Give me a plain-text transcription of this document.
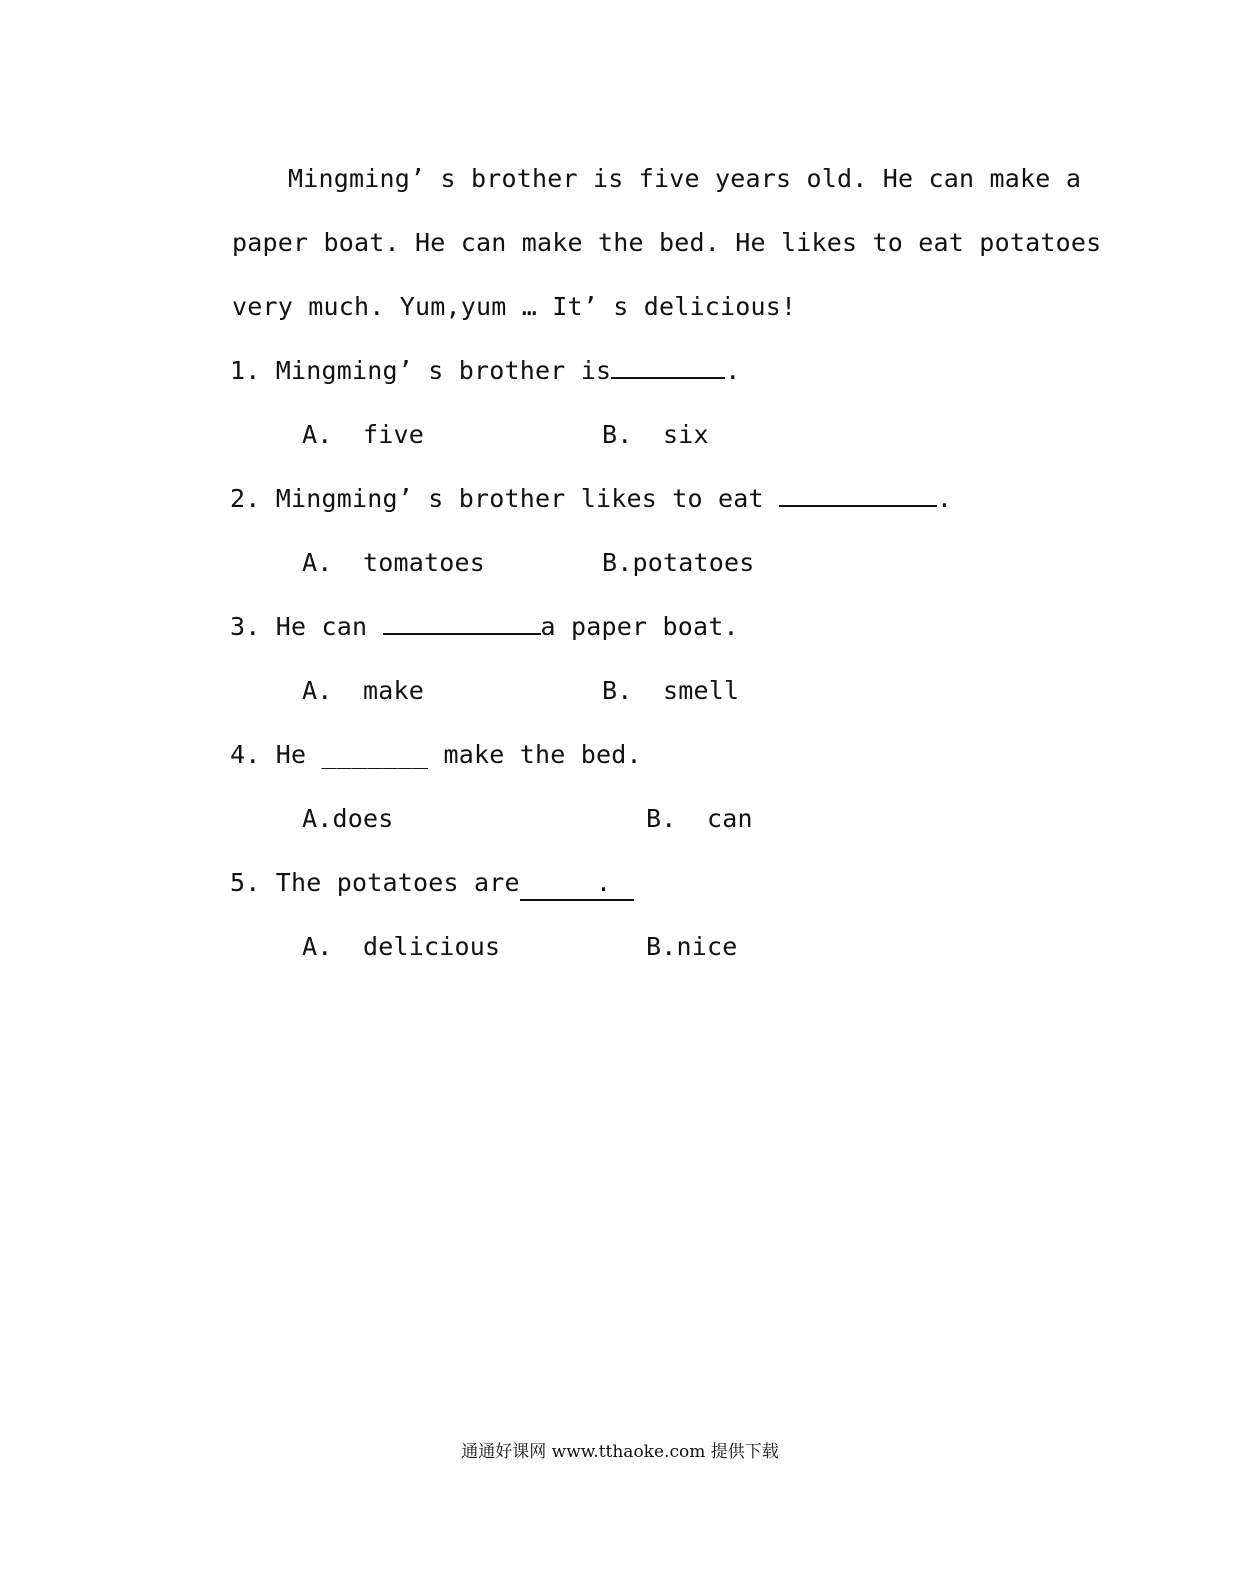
Mingming’ s brother is five years old. He can make a
paper boat. He can make the bed. He likes to eat potatoes
very much. Yum,yum … It’ s delicious!
1. Mingming’ s brother is	.
A.  five	B.  six
2. Mingming’ s brother likes to eat	.
A.  tomatoes	B.potatoes
3. He can	a paper boat.
A.  make	B.  smell
4. He _______ make the bed.
A.does	B.  can
5. The potatoes are     .
A.  delicious	B.nice
通通好课网 www.tthaoke.com 提供下载
